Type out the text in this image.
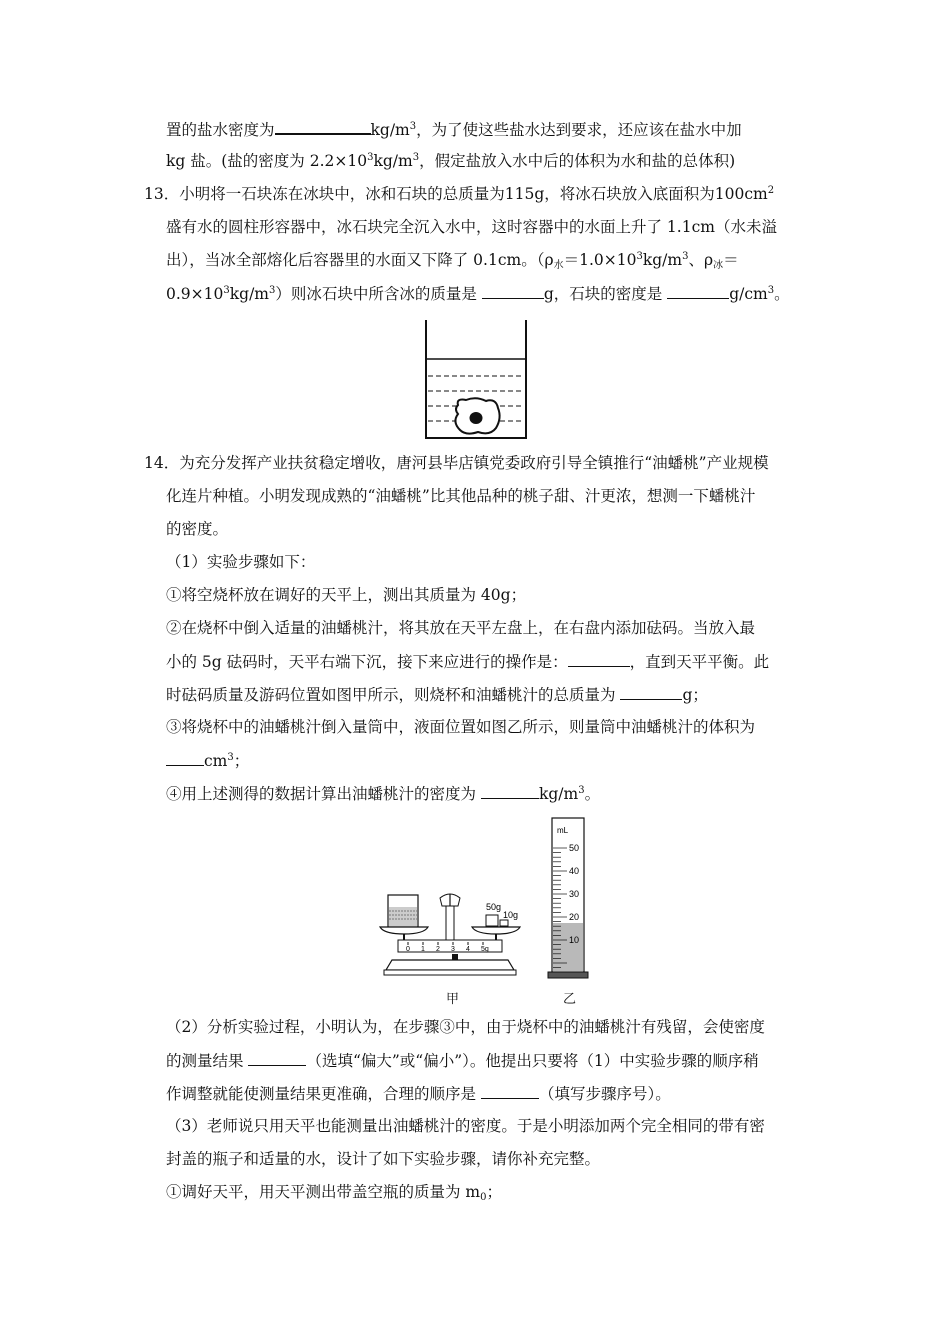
置的盐水密度为	$kg/m^3$，为了使这些盐水达到要求，还应该在盐水中加
kg 盐。(盐的密度为 $2.2\times 10^3kg/m^3$，假定盐放入水中后的体积为水和盐的总体积)
13．小明将一石块冻在冰块中，冰和石块的总质量为115g，将冰石块放入底面积为$100cm^2$
盛有水的圆柱形容器中，冰石块完全沉入水中，这时容器中的水面上升了 1.1cm（水未溢
出），当冰全部熔化后容器里的水面又下降了 0.1cm。（$\rho_水=1.0\times 10^3kg/m^3$、$\rho_冰=$
$0.9\times 10^3kg/m^3$）则冰石块中所含冰的质量是	g，石块的密度是	$g/cm^3$。
14．为充分发挥产业扶贫稳定增收，唐河县毕店镇党委政府引导全镇推行“油蟠桃”产业规模
化连片种植。小明发现成熟的“油蟠桃”比其他品种的桃子甜、汁更浓，想测一下蟠桃汁
的密度。
（1）实验步骤如下：
①将空烧杯放在调好的天平上，测出其质量为 40g；
②在烧杯中倒入适量的油蟠桃汁，将其放在天平左盘上，在右盘内添加砝码。当放入最
小的 5g 砝码时，天平右端下沉，接下来应进行的操作是：	，直到天平平衡。此
时砝码质量及游码位置如图甲所示，则烧杯和油蟠桃汁的总质量为	g；
③将烧杯中的油蟠桃汁倒入量筒中，液面位置如图乙所示，则量筒中油蟠桃汁的体积为
$cm^3$；
④用上述测得的数据计算出油蟠桃汁的密度为	$kg/m^3$。
50g
10g
0 1 2 3 4 5g
甲
mL
50
40
30
20
10
乙
（2）分析实验过程，小明认为，在步骤③中，由于烧杯中的油蟠桃汁有残留，会使密度
的测量结果	（选填“偏大”或“偏小”）。他提出只要将（1）中实验步骤的顺序稍
作调整就能使测量结果更准确，合理的顺序是	（填写步骤序号）。
（3）老师说只用天平也能测量出油蟠桃汁的密度。于是小明添加两个完全相同的带有密
封盖的瓶子和适量的水，设计了如下实验步骤，请你补充完整。
①调好天平，用天平测出带盖空瓶的质量为 $m_0$；
